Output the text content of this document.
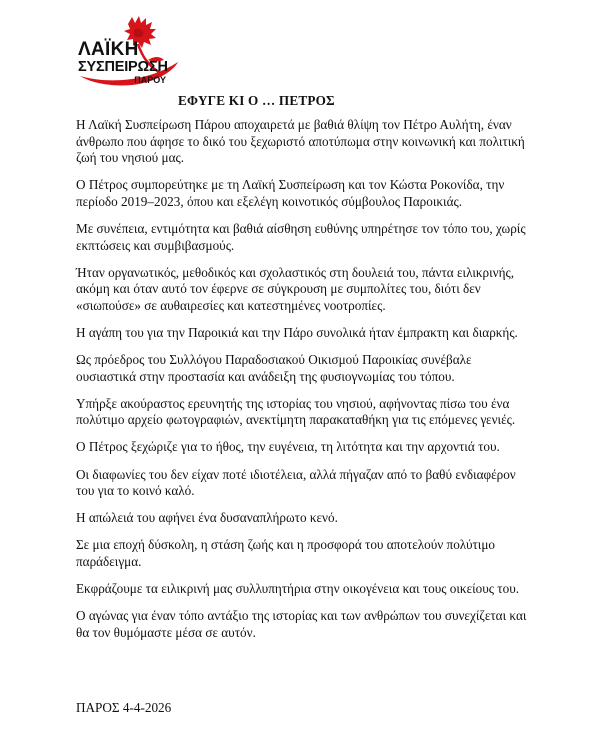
ΛΑΪΚΗ
ΣΥΣΠΕΙΡΩΣΗ
ΠΑΡΟΥ
ΕΦΥΓΕ ΚΙ Ο … ΠΕΤΡΟΣ

Η Λαϊκή Συσπείρωση Πάρου αποχαιρετά με βαθιά θλίψη τον Πέτρο Αυλήτη, έναν άνθρωπο που άφησε το δικό του ξεχωριστό αποτύπωμα στην κοινωνική και πολιτική ζωή του νησιού μας.

Ο Πέτρος συμπορεύτηκε με τη Λαϊκή Συσπείρωση και τον Κώστα Ροκονίδα, την περίοδο 2019–2023, όπου και εξελέγη κοινοτικός σύμβουλος Παροικιάς.

Με συνέπεια, εντιμότητα και βαθιά αίσθηση ευθύνης υπηρέτησε τον τόπο του, χωρίς εκπτώσεις και συμβιβασμούς.

Ήταν οργανωτικός, μεθοδικός και σχολαστικός στη δουλειά του, πάντα ειλικρινής, ακόμη και όταν αυτό τον έφερνε σε σύγκρουση με συμπολίτες του, διότι δεν «σιωπούσε» σε αυθαιρεσίες και κατεστημένες νοοτροπίες.

Η αγάπη του για την Παροικιά και την Πάρο συνολικά ήταν έμπρακτη και διαρκής.

Ως πρόεδρος του Συλλόγου Παραδοσιακού Οικισμού Παροικίας συνέβαλε ουσιαστικά στην προστασία και ανάδειξη της φυσιογνωμίας του τόπου.

Υπήρξε ακούραστος ερευνητής της ιστορίας του νησιού, αφήνοντας πίσω του ένα πολύτιμο αρχείο φωτογραφιών, ανεκτίμητη παρακαταθήκη για τις επόμενες γενιές.

Ο Πέτρος ξεχώριζε για το ήθος, την ευγένεια, τη λιτότητα και την αρχοντιά του.

Οι διαφωνίες του δεν είχαν ποτέ ιδιοτέλεια, αλλά πήγαζαν από το βαθύ ενδιαφέρον του για το κοινό καλό.

Η απώλειά του αφήνει ένα δυσαναπλήρωτο κενό.

Σε μια εποχή δύσκολη, η στάση ζωής και η προσφορά του αποτελούν πολύτιμο παράδειγμα.

Εκφράζουμε τα ειλικρινή μας συλλυπητήρια στην οικογένεια και τους οικείους του.

Ο αγώνας για έναν τόπο αντάξιο της ιστορίας και των ανθρώπων του συνεχίζεται και θα τον θυμόμαστε μέσα σε αυτόν.

ΠΑΡΟΣ 4-4-2026
